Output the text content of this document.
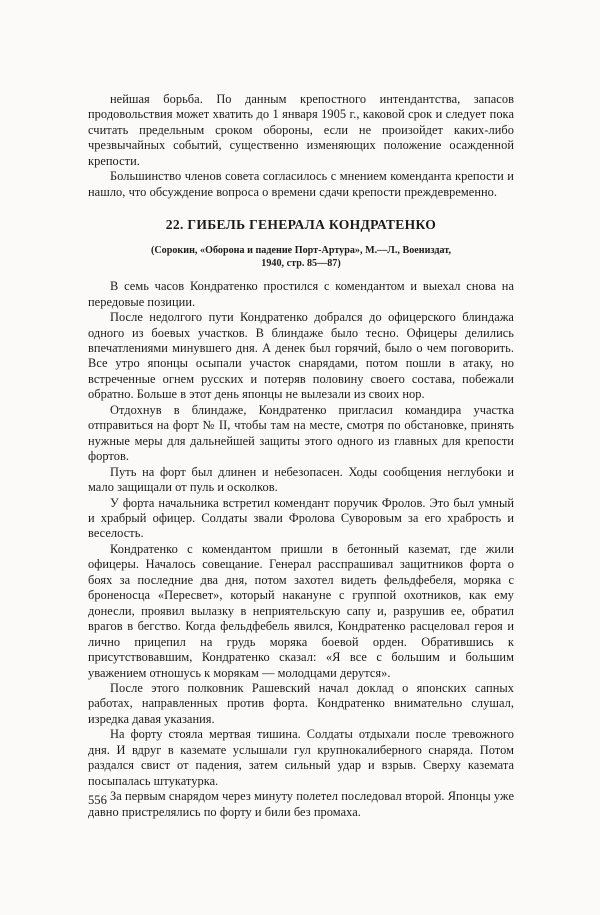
нейшая борьба. По данным крепостного интендантства, запасов продовольствия может хватить до 1 января 1905 г., каковой срок и следует пока считать предельным сроком обороны, если не произойдет каких-либо чрезвычайных событий, существенно изменяющих положение осажденной крепости.

Большинство членов совета согласилось с мнением коменданта крепости и нашло, что обсуждение вопроса о времени сдачи крепости преждевременно.

22. ГИБЕЛЬ ГЕНЕРАЛА КОНДРАТЕНКО

(Сорокин, «Оборона и падение Порт-Артура», М.—Л., Воениздат,
1940, стр. 85—87)

В семь часов Кондратенко простился с комендантом и выехал снова на передовые позиции.

После недолгого пути Кондратенко добрался до офицерского блиндажа одного из боевых участков. В блиндаже было тесно. Офицеры делились впечатлениями минувшего дня. А денек был горячий, было о чем поговорить. Все утро японцы осыпали участок снарядами, потом пошли в атаку, но встреченные огнем русских и потеряв половину своего состава, побежали обратно. Больше в этот день японцы не вылезали из своих нор.

Отдохнув в блиндаже, Кондратенко пригласил командира участка отправиться на форт № II, чтобы там на месте, смотря по обстановке, принять нужные меры для дальнейшей защиты этого одного из главных для крепости фортов.

Путь на форт был длинен и небезопасен. Ходы сообщения неглубоки и мало защищали от пуль и осколков.

У форта начальника встретил комендант поручик Фролов. Это был умный и храбрый офицер. Солдаты звали Фролова Суворовым за его храбрость и веселость.

Кондратенко с комендантом пришли в бетонный каземат, где жили офицеры. Началось совещание. Генерал расспрашивал защитников форта о боях за последние два дня, потом захотел видеть фельдфебеля, моряка с броненосца «Пересвет», который накануне с группой охотников, как ему донесли, проявил вылазку в неприятельскую сапу и, разрушив ее, обратил врагов в бегство. Когда фельдфебель явился, Кондратенко расцеловал героя и лично прицепил на грудь моряка боевой орден. Обратившись к присутствовавшим, Кондратенко сказал: «Я все с большим и большим уважением отношусь к морякам — молодцами дерутся».

После этого полковник Рашевский начал доклад о японских сапных работах, направленных против форта. Кондратенко внимательно слушал, изредка давая указания.

На форту стояла мертвая тишина. Солдаты отдыхали после тревожного дня. И вдруг в каземате услышали гул крупнокалиберного снаряда. Потом раздался свист от падения, затем сильный удар и взрыв. Сверху каземата посыпалась штукатурка.

За первым снарядом через минуту полетел последовал второй. Японцы уже давно пристрелялись по форту и били без промаха.

556
